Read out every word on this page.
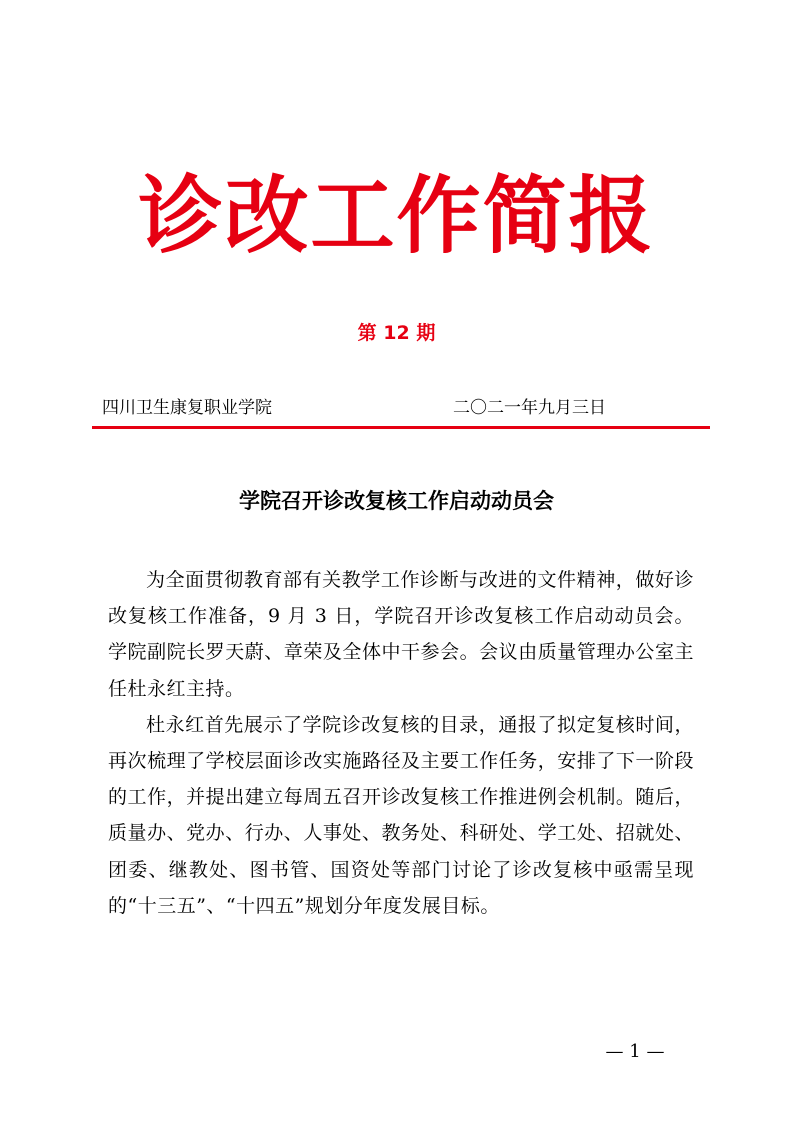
诊改工作简报
第 12 期
四川卫生康复职业学院	二〇二一年九月三日
学院召开诊改复核工作启动动员会

为全面贯彻教育部有关教学工作诊断与改进的文件精神，做好诊改复核工作准备，9 月 3 日，学院召开诊改复核工作启动动员会。学院副院长罗天蔚、章荣及全体中干参会。会议由质量管理办公室主任杜永红主持。

杜永红首先展示了学院诊改复核的目录，通报了拟定复核时间，再次梳理了学校层面诊改实施路径及主要工作任务，安排了下一阶段的工作，并提出建立每周五召开诊改复核工作推进例会机制。随后，质量办、党办、行办、人事处、教务处、科研处、学工处、招就处、团委、继教处、图书管、国资处等部门讨论了诊改复核中亟需呈现的“十三五”、“十四五”规划分年度发展目标。

— 1 —
